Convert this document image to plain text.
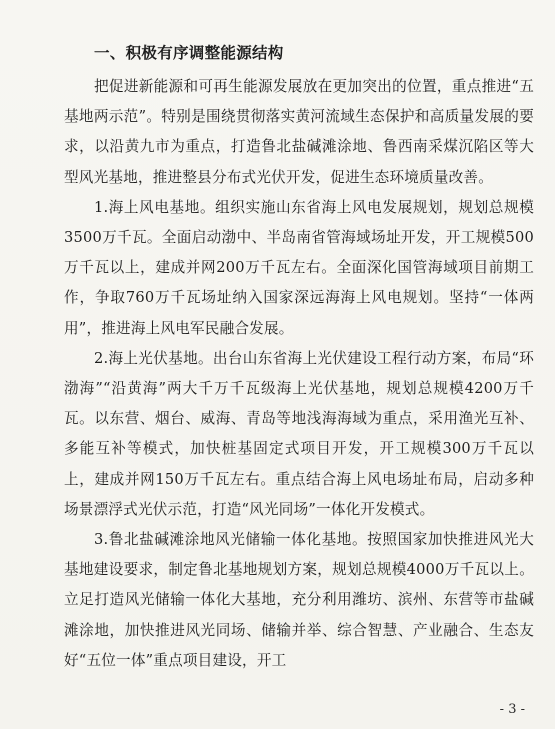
一、积极有序调整能源结构

把促进新能源和可再生能源发展放在更加突出的位置，重点推进“五基地两示范”。特别是围绕贯彻落实黄河流域生态保护和高质量发展的要求，以沿黄九市为重点，打造鲁北盐碱滩涂地、鲁西南采煤沉陷区等大型风光基地，推进整县分布式光伏开发，促进生态环境质量改善。

1.海上风电基地。组织实施山东省海上风电发展规划，规划总规模3500万千瓦。全面启动渤中、半岛南省管海域场址开发，开工规模500万千瓦以上，建成并网200万千瓦左右。全面深化国管海域项目前期工作，争取760万千瓦场址纳入国家深远海海上风电规划。坚持“一体两用”，推进海上风电军民融合发展。

2.海上光伏基地。出台山东省海上光伏建设工程行动方案，布局“环渤海”“沿黄海”两大千万千瓦级海上光伏基地，规划总规模4200万千瓦。以东营、烟台、威海、青岛等地浅海海域为重点，采用渔光互补、多能互补等模式，加快桩基固定式项目开发，开工规模300万千瓦以上，建成并网150万千瓦左右。重点结合海上风电场址布局，启动多种场景漂浮式光伏示范，打造“风光同场”一体化开发模式。

3.鲁北盐碱滩涂地风光储输一体化基地。按照国家加快推进风光大基地建设要求，制定鲁北基地规划方案，规划总规模4000万千瓦以上。立足打造风光储输一体化大基地，充分利用潍坊、滨州、东营等市盐碱滩涂地，加快推进风光同场、储输并举、综合智慧、产业融合、生态友好“五位一体”重点项目建设，开工

- 3 -
